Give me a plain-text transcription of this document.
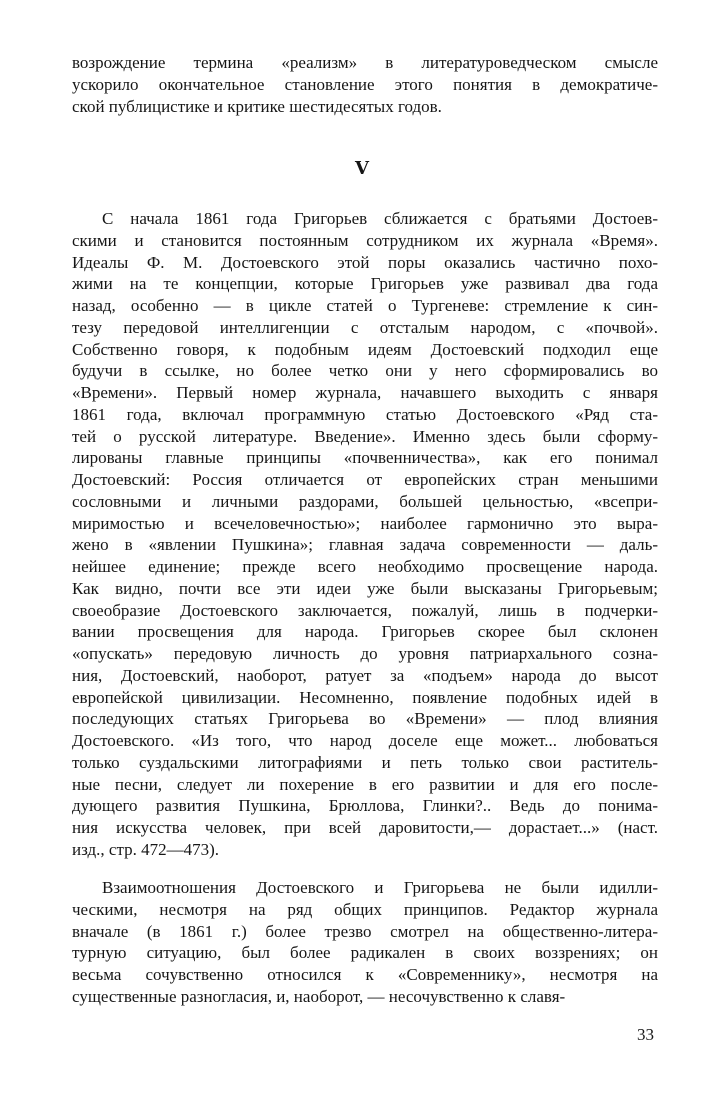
V
возрождение термина «реализм» в литературоведческом смысле
ускорило окончательное становление этого понятия в демократиче-
ской публицистике и критике шестидесятых годов.
С начала 1861 года Григорьев сближается с братьями Достоев-
скими и становится постоянным сотрудником их журнала «Время».
Идеалы Ф. М. Достоевского этой поры оказались частично похо-
жими на те концепции, которые Григорьев уже развивал два года
назад, особенно — в цикле статей о Тургеневе: стремление к син-
тезу передовой интеллигенции с отсталым народом, с «почвой».
Собственно говоря, к подобным идеям Достоевский подходил еще
будучи в ссылке, но более четко они у него сформировались во
«Времени». Первый номер журнала, начавшего выходить с января
1861 года, включал программную статью Достоевского «Ряд ста-
тей о русской литературе. Введение». Именно здесь были сформу-
лированы главные принципы «почвенничества», как его понимал
Достоевский: Россия отличается от европейских стран меньшими
сословными и личными раздорами, большей цельностью, «всепри-
миримостью и всечеловечностью»; наиболее гармонично это выра-
жено в «явлении Пушкина»; главная задача современности — даль-
нейшее единение; прежде всего необходимо просвещение народа.
Как видно, почти все эти идеи уже были высказаны Григорьевым;
своеобразие Достоевского заключается, пожалуй, лишь в подчерки-
вании просвещения для народа. Григорьев скорее был склонен
«опускать» передовую личность до уровня патриархального созна-
ния, Достоевский, наоборот, ратует за «подъем» народа до высот
европейской цивилизации. Несомненно, появление подобных идей в
последующих статьях Григорьева во «Времени» — плод влияния
Достоевского. «Из того, что народ доселе еще может... любоваться
только суздальскими литографиями и петь только свои раститель-
ные песни, следует ли похерение в его развитии и для его после-
дующего развития Пушкина, Брюллова, Глинки?.. Ведь до понима-
ния искусства человек, при всей даровитости,— дорастает...» (наст.
изд., стр. 472—473).
Взаимоотношения Достоевского и Григорьева не были идилли-
ческими, несмотря на ряд общих принципов. Редактор журнала
вначале (в 1861 г.) более трезво смотрел на общественно-литера-
турную ситуацию, был более радикален в своих воззрениях; он
весьма сочувственно относился к «Современнику», несмотря на
существенные разногласия, и, наоборот, — несочувственно к славя-
33
